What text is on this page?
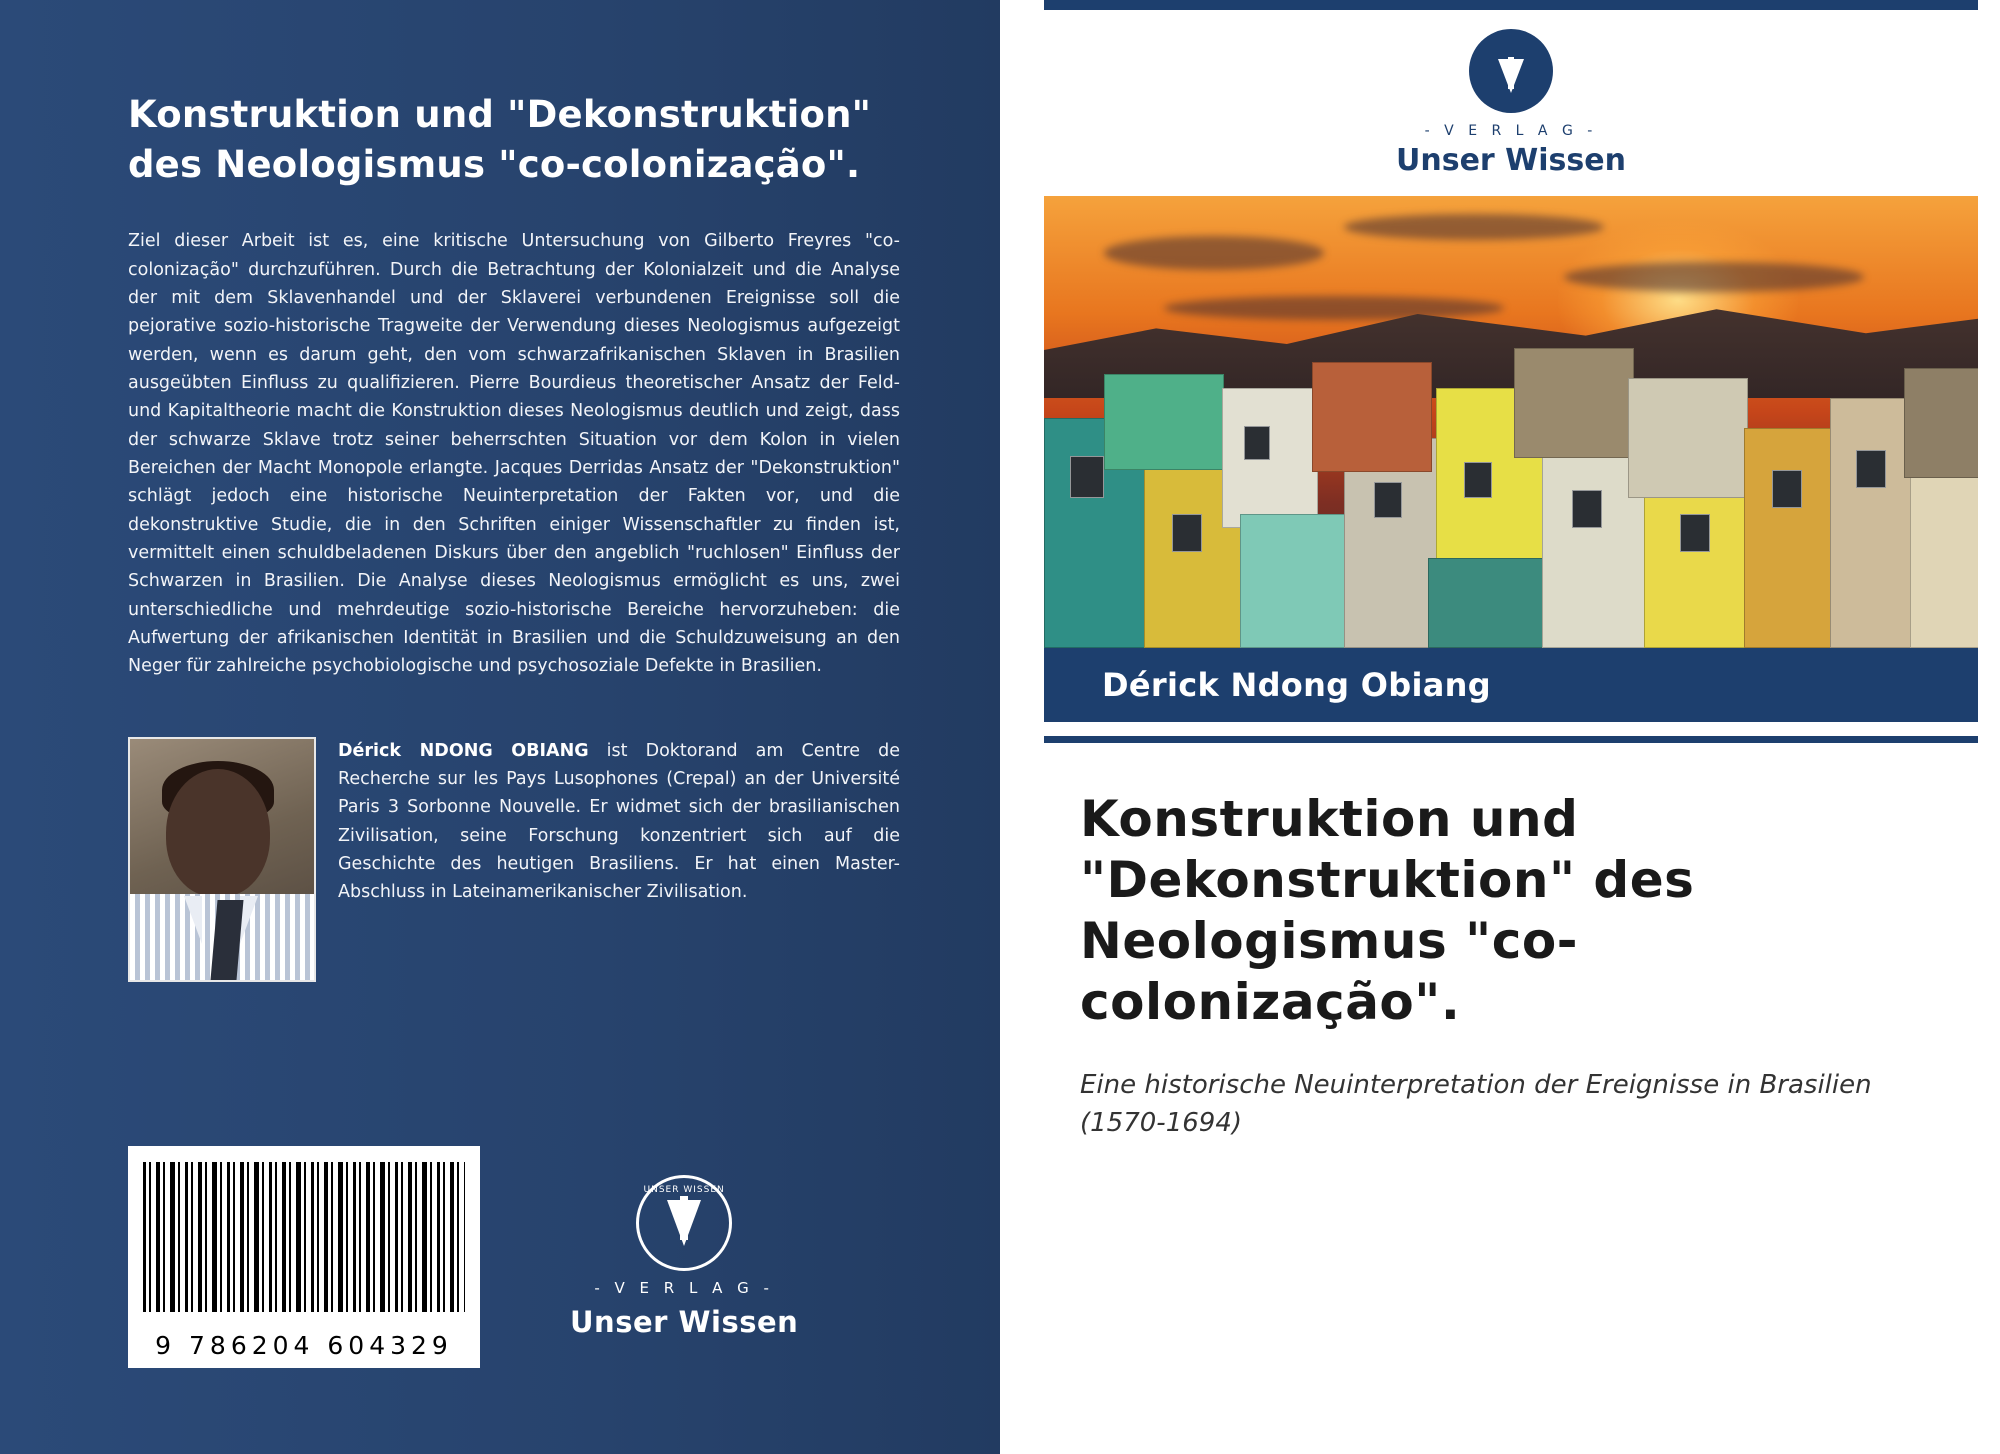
Konstruktion und "Dekonstruktion" des Neologismus "co-colonização".
Ziel dieser Arbeit ist es, eine kritische Untersuchung von Gilberto Freyres "co-colonização" durchzuführen. Durch die Betrachtung der Kolonialzeit und die Analyse der mit dem Sklavenhandel und der Sklaverei verbundenen Ereignisse soll die pejorative sozio-historische Tragweite der Verwendung dieses Neologismus aufgezeigt werden, wenn es darum geht, den vom schwarzafrikanischen Sklaven in Brasilien ausgeübten Einfluss zu qualifizieren. Pierre Bourdieus theoretischer Ansatz der Feld- und Kapitaltheorie macht die Konstruktion dieses Neologismus deutlich und zeigt, dass der schwarze Sklave trotz seiner beherrschten Situation vor dem Kolon in vielen Bereichen der Macht Monopole erlangte. Jacques Derridas Ansatz der "Dekonstruktion" schlägt jedoch eine historische Neuinterpretation der Fakten vor, und die dekonstruktive Studie, die in den Schriften einiger Wissenschaftler zu finden ist, vermittelt einen schuldbeladenen Diskurs über den angeblich "ruchlosen" Einfluss der Schwarzen in Brasilien. Die Analyse dieses Neologismus ermöglicht es uns, zwei unterschiedliche und mehrdeutige sozio-historische Bereiche hervorzuheben: die Aufwertung der afrikanischen Identität in Brasilien und die Schuldzuweisung an den Neger für zahlreiche psychobiologische und psychosoziale Defekte in Brasilien.
Dérick NDONG OBIANG ist Doktorand am Centre de Recherche sur les Pays Lusophones (Crepal) an der Université Paris 3 Sorbonne Nouvelle. Er widmet sich der brasilianischen Zivilisation, seine Forschung konzentriert sich auf die Geschichte des heutigen Brasiliens. Er hat einen Master-Abschluss in Lateinamerikanischer Zivilisation.
9 786204 604329
UNSER WISSEN
- V E R L A G -
Unser Wissen
- V E R L A G -
Unser Wissen
Dérick Ndong Obiang
Konstruktion und "Dekonstruktion" des Neologismus "co-colonização".
Eine historische Neuinterpretation der Ereignisse in Brasilien (1570-1694)
